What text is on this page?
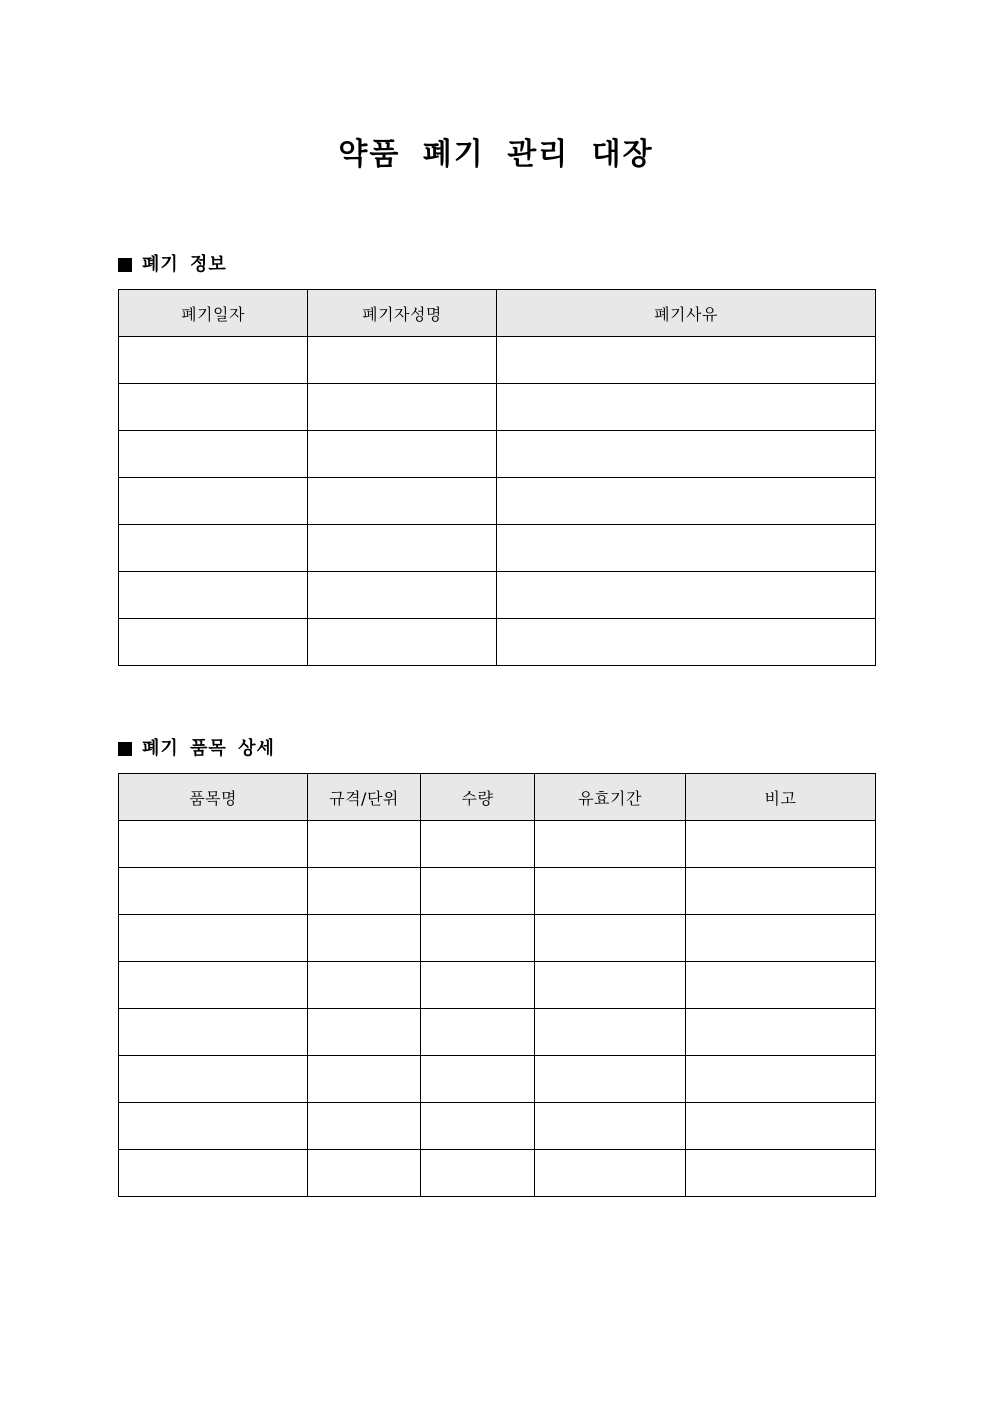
약품 폐기 관리 대장
폐기 정보
폐기일자	폐기자성명	폐기사유

폐기 품목 상세
품목명	규격/단위	수량	유효기간	비고
